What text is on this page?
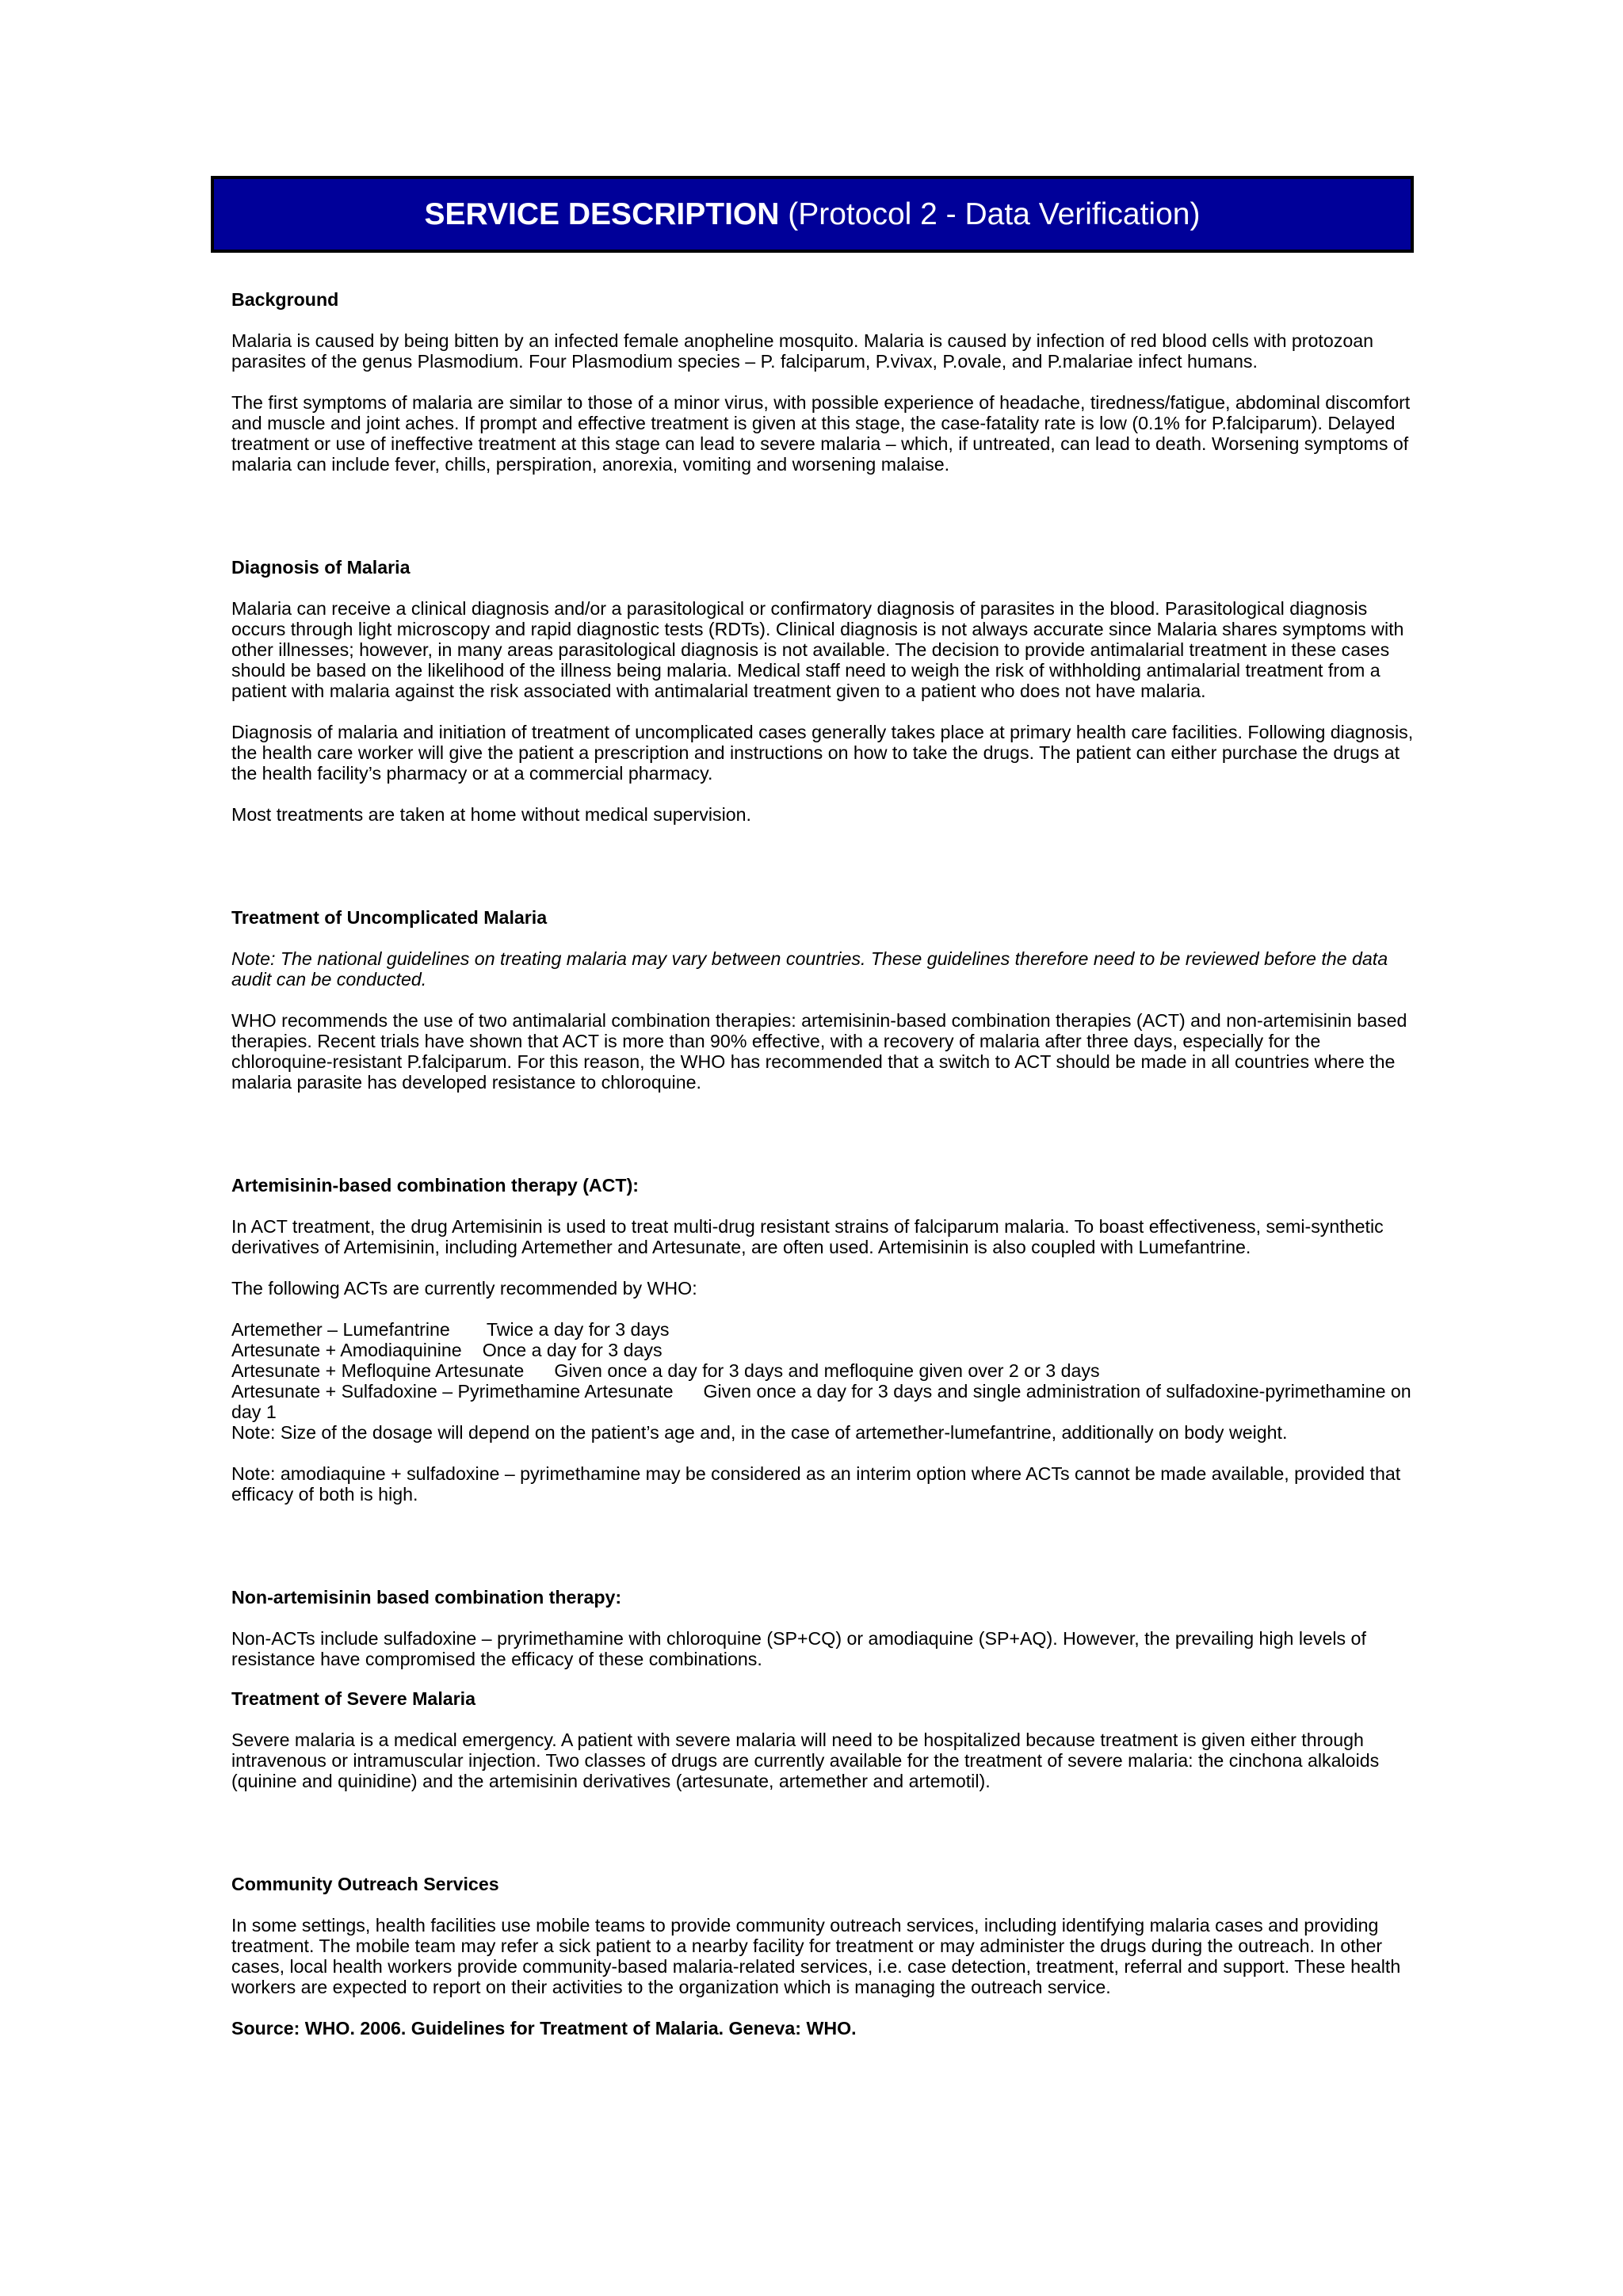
SERVICE DESCRIPTION (Protocol 2 - Data Verification)

Background

Malaria is caused by being bitten by an infected female anopheline mosquito. Malaria is caused by infection of red blood cells with protozoan parasites of the genus Plasmodium. Four Plasmodium species – P. falciparum, P.vivax, P.ovale, and P.malariae infect humans.

The first symptoms of malaria are similar to those of a minor virus, with possible experience of headache, tiredness/fatigue, abdominal discomfort and muscle and joint aches. If prompt and effective treatment is given at this stage, the case-fatality rate is low (0.1% for P.falciparum). Delayed treatment or use of ineffective treatment at this stage can lead to severe malaria – which, if untreated, can lead to death. Worsening symptoms of malaria can include fever, chills, perspiration, anorexia, vomiting and worsening malaise.

Diagnosis of Malaria

Malaria can receive a clinical diagnosis and/or a parasitological or confirmatory diagnosis of parasites in the blood. Parasitological diagnosis occurs through light microscopy and rapid diagnostic tests (RDTs). Clinical diagnosis is not always accurate since Malaria shares symptoms with other illnesses; however, in many areas parasitological diagnosis is not available. The decision to provide antimalarial treatment in these cases should be based on the likelihood of the illness being malaria. Medical staff need to weigh the risk of withholding antimalarial treatment from a patient with malaria against the risk associated with antimalarial treatment given to a patient who does not have malaria.

Diagnosis of malaria and initiation of treatment of uncomplicated cases generally takes place at primary health care facilities. Following diagnosis, the health care worker will give the patient a prescription and instructions on how to take the drugs. The patient can either purchase the drugs at the health facility’s pharmacy or at a commercial pharmacy.

Most treatments are taken at home without medical supervision.

Treatment of Uncomplicated Malaria

Note: The national guidelines on treating malaria may vary between countries. These guidelines therefore need to be reviewed before the data audit can be conducted.

WHO recommends the use of two antimalarial combination therapies: artemisinin-based combination therapies (ACT) and non-artemisinin based therapies. Recent trials have shown that ACT is more than 90% effective, with a recovery of malaria after three days, especially for the chloroquine-resistant P.falciparum. For this reason, the WHO has recommended that a switch to ACT should be made in all countries where the malaria parasite has developed resistance to chloroquine.

Artemisinin-based combination therapy (ACT):

In ACT treatment, the drug Artemisinin is used to treat multi-drug resistant strains of falciparum malaria. To boast effectiveness, semi-synthetic derivatives of Artemisinin, including Artemether and Artesunate, are often used. Artemisinin is also coupled with Lumefantrine.

The following ACTs are currently recommended by WHO:

Artemether – Lumefantrine Twice a day for 3 days

Artesunate + Amodiaquinine Once a day for 3 days

Artesunate + Mefloquine Artesunate Given once a day for 3 days and mefloquine given over 2 or 3 days

Artesunate + Sulfadoxine – Pyrimethamine Artesunate Given once a day for 3 days and single administration of sulfadoxine-pyrimethamine on day 1

Note: Size of the dosage will depend on the patient’s age and, in the case of artemether-lumefantrine, additionally on body weight.

Note: amodiaquine + sulfadoxine – pyrimethamine may be considered as an interim option where ACTs cannot be made available, provided that efficacy of both is high.

Non-artemisinin based combination therapy:

Non-ACTs include sulfadoxine – pryrimethamine with chloroquine (SP+CQ) or amodiaquine (SP+AQ). However, the prevailing high levels of resistance have compromised the efficacy of these combinations.

Treatment of Severe Malaria

Severe malaria is a medical emergency. A patient with severe malaria will need to be hospitalized because treatment is given either through intravenous or intramuscular injection. Two classes of drugs are currently available for the treatment of severe malaria: the cinchona alkaloids (quinine and quinidine) and the artemisinin derivatives (artesunate, artemether and artemotil).

Community Outreach Services

In some settings, health facilities use mobile teams to provide community outreach services, including identifying malaria cases and providing treatment. The mobile team may refer a sick patient to a nearby facility for treatment or may administer the drugs during the outreach. In other cases, local health workers provide community-based malaria-related services, i.e. case detection, treatment, referral and support. These health workers are expected to report on their activities to the organization which is managing the outreach service.

Source: WHO. 2006. Guidelines for Treatment of Malaria. Geneva: WHO.
